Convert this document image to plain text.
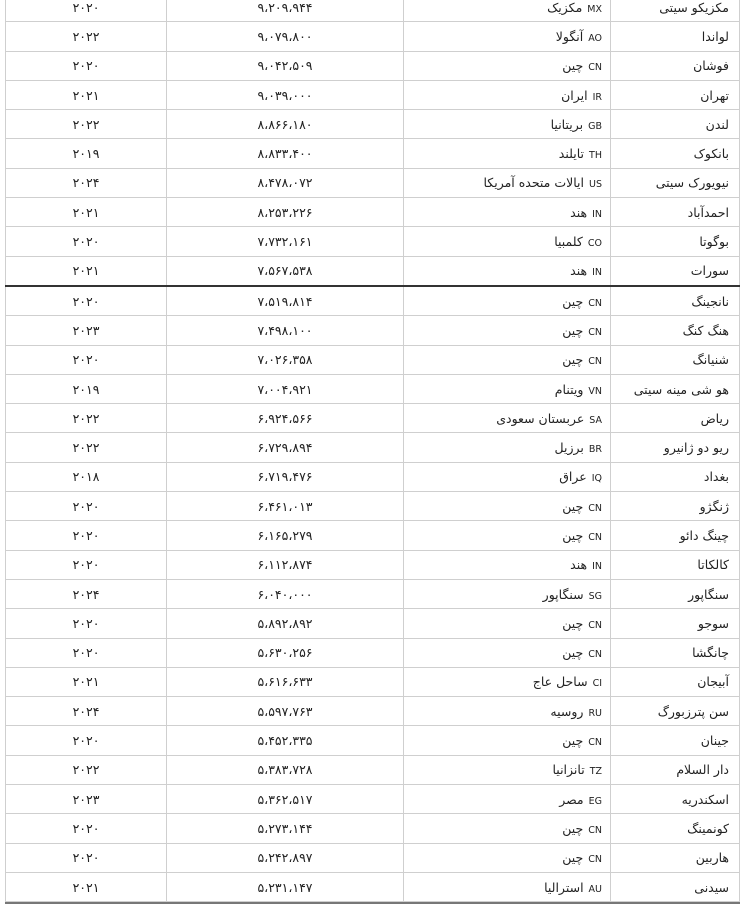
مکزیکو سیتی	MXمکزیک	۹،۲۰۹،۹۴۴	۲۰۲۰
لواندا	AOآنگولا	۹،۰۷۹،۸۰۰	۲۰۲۲
فوشان	CNچین	۹،۰۴۲،۵۰۹	۲۰۲۰
تهران	IRایران	۹،۰۳۹،۰۰۰	۲۰۲۱
لندن	GBبریتانیا	۸،۸۶۶،۱۸۰	۲۰۲۲
بانکوک	THتایلند	۸،۸۳۳،۴۰۰	۲۰۱۹
نیویورک سیتی	USایالات متحده آمریکا	۸،۴۷۸،۰۷۲	۲۰۲۴
احمدآباد	INهند	۸،۲۵۳،۲۲۶	۲۰۲۱
بوگوتا	COکلمبیا	۷،۷۳۲،۱۶۱	۲۰۲۰
سورات	INهند	۷،۵۶۷،۵۳۸	۲۰۲۱
نانجینگ	CNچین	۷،۵۱۹،۸۱۴	۲۰۲۰
هنگ کنگ	CNچین	۷،۴۹۸،۱۰۰	۲۰۲۳
شنیانگ	CNچین	۷،۰۲۶،۳۵۸	۲۰۲۰
هو شی مینه سیتی	VNویتنام	۷،۰۰۴،۹۲۱	۲۰۱۹
ریاض	SAعربستان سعودی	۶،۹۲۴،۵۶۶	۲۰۲۲
ریو دو ژانیرو	BRبرزیل	۶،۷۲۹،۸۹۴	۲۰۲۲
بغداد	IQعراق	۶،۷۱۹،۴۷۶	۲۰۱۸
ژنگژو	CNچین	۶،۴۶۱،۰۱۳	۲۰۲۰
چینگ دائو	CNچین	۶،۱۶۵،۲۷۹	۲۰۲۰
کالکاتا	INهند	۶،۱۱۲،۸۷۴	۲۰۲۰
سنگاپور	SGسنگاپور	۶،۰۴۰،۰۰۰	۲۰۲۴
سوجو	CNچین	۵،۸۹۲،۸۹۲	۲۰۲۰
چانگشا	CNچین	۵،۶۳۰،۲۵۶	۲۰۲۰
آبیجان	CIساحل عاج	۵،۶۱۶،۶۳۳	۲۰۲۱
سن پترزبورگ	RUروسیه	۵،۵۹۷،۷۶۳	۲۰۲۴
جینان	CNچین	۵،۴۵۲،۳۳۵	۲۰۲۰
دار السلام	TZتانزانیا	۵،۳۸۳،۷۲۸	۲۰۲۲
اسکندریه	EGمصر	۵،۳۶۲،۵۱۷	۲۰۲۳
کونمینگ	CNچین	۵،۲۷۳،۱۴۴	۲۰۲۰
هاربین	CNچین	۵،۲۴۲،۸۹۷	۲۰۲۰
سیدنی	AUاسترالیا	۵،۲۳۱،۱۴۷	۲۰۲۱
